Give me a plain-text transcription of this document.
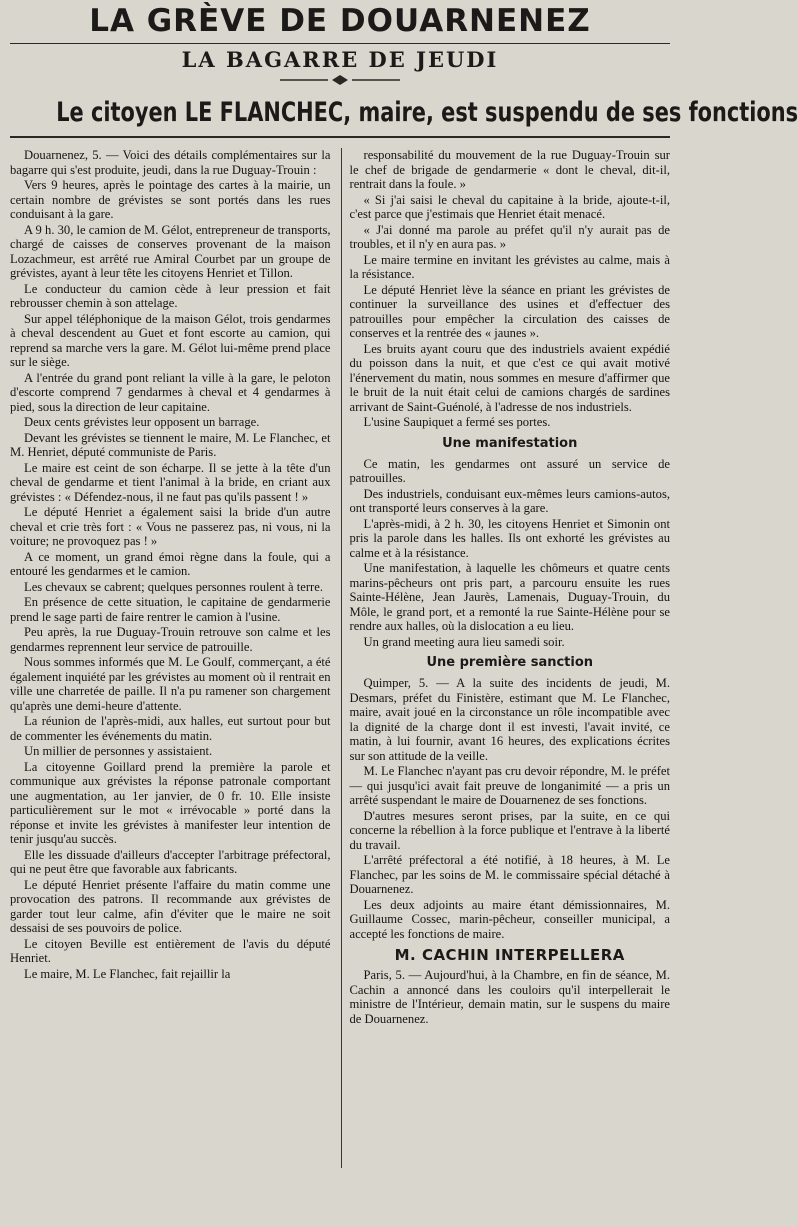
LA GRÈVE DE DOUARNENEZ
LA BAGARRE DE JEUDI
Le citoyen LE FLANCHEC, maire, est suspendu de ses fonctions

Douarnenez, 5. — Voici des détails complémentaires sur la bagarre qui s'est produite, jeudi, dans la rue Duguay-Trouin :

Vers 9 heures, après le pointage des cartes à la mairie, un certain nombre de grévistes se sont portés dans les rues conduisant à la gare.

A 9 h. 30, le camion de M. Gélot, entrepreneur de transports, chargé de caisses de conserves provenant de la maison Lozachmeur, est arrêté rue Amiral Courbet par un groupe de grévistes, ayant à leur tête les citoyens Henriet et Tillon.

Le conducteur du camion cède à leur pression et fait rebrousser chemin à son attelage.

Sur appel téléphonique de la maison Gélot, trois gendarmes à cheval descendent au Guet et font escorte au camion, qui reprend sa marche vers la gare. M. Gélot lui-même prend place sur le siège.

A l'entrée du grand pont reliant la ville à la gare, le peloton d'escorte comprend 7 gendarmes à cheval et 4 gendarmes à pied, sous la direction de leur capitaine.

Deux cents grévistes leur opposent un barrage.

Devant les grévistes se tiennent le maire, M. Le Flanchec, et M. Henriet, député communiste de Paris.

Le maire est ceint de son écharpe. Il se jette à la tête d'un cheval de gendarme et tient l'animal à la bride, en criant aux grévistes : « Défendez-nous, il ne faut pas qu'ils passent ! »

Le député Henriet a également saisi la bride d'un autre cheval et crie très fort : « Vous ne passerez pas, ni vous, ni la voiture; ne provoquez pas ! »

A ce moment, un grand émoi règne dans la foule, qui a entouré les gendarmes et le camion.

Les chevaux se cabrent; quelques personnes roulent à terre.

En présence de cette situation, le capitaine de gendarmerie prend le sage parti de faire rentrer le camion à l'usine.

Peu après, la rue Duguay-Trouin retrouve son calme et les gendarmes reprennent leur service de patrouille.

Nous sommes informés que M. Le Goulf, commerçant, a été également inquiété par les grévistes au moment où il rentrait en ville une charretée de paille. Il n'a pu ramener son chargement qu'après une demi-heure d'attente.

La réunion de l'après-midi, aux halles, eut surtout pour but de commenter les événements du matin.

Un millier de personnes y assistaient.

La citoyenne Goillard prend la première la parole et communique aux grévistes la réponse patronale comportant une augmentation, au 1er janvier, de 0 fr. 10. Elle insiste particulièrement sur le mot « irrévocable » porté dans la réponse et invite les grévistes à manifester leur intention de tenir jusqu'au succès.

Elle les dissuade d'ailleurs d'accepter l'arbitrage préfectoral, qui ne peut être que favorable aux fabricants.

Le député Henriet présente l'affaire du matin comme une provocation des patrons. Il recommande aux grévistes de garder tout leur calme, afin d'éviter que le maire ne soit dessaisi de ses pouvoirs de police.

Le citoyen Beville est entièrement de l'avis du député Henriet.

Le maire, M. Le Flanchec, fait rejaillir la

responsabilité du mouvement de la rue Duguay-Trouin sur le chef de brigade de gendarmerie « dont le cheval, dit-il, rentrait dans la foule. »

« Si j'ai saisi le cheval du capitaine à la bride, ajoute-t-il, c'est parce que j'estimais que Henriet était menacé.

« J'ai donné ma parole au préfet qu'il n'y aurait pas de troubles, et il n'y en aura pas. »

Le maire termine en invitant les grévistes au calme, mais à la résistance.

Le député Henriet lève la séance en priant les grévistes de continuer la surveillance des usines et d'effectuer des patrouilles pour empêcher la circulation des caisses de conserves et la rentrée des « jaunes ».

Les bruits ayant couru que des industriels avaient expédié du poisson dans la nuit, et que c'est ce qui avait motivé l'énervement du matin, nous sommes en mesure d'affirmer que le bruit de la nuit était celui de camions chargés de sardines arrivant de Saint-Guénolé, à l'adresse de nos industriels.

L'usine Saupiquet a fermé ses portes.

Une manifestation

Ce matin, les gendarmes ont assuré un service de patrouilles.

Des industriels, conduisant eux-mêmes leurs camions-autos, ont transporté leurs conserves à la gare.

L'après-midi, à 2 h. 30, les citoyens Henriet et Simonin ont pris la parole dans les halles. Ils ont exhorté les grévistes au calme et à la résistance.

Une manifestation, à laquelle les chômeurs et quatre cents marins-pêcheurs ont pris part, a parcouru ensuite les rues Sainte-Hélène, Jean Jaurès, Lamenais, Duguay-Trouin, du Môle, le grand port, et a remonté la rue Sainte-Hélène pour se rendre aux halles, où la dislocation a eu lieu.

Un grand meeting aura lieu samedi soir.

Une première sanction

Quimper, 5. — A la suite des incidents de jeudi, M. Desmars, préfet du Finistère, estimant que M. Le Flanchec, maire, avait joué en la circonstance un rôle incompatible avec la dignité de la charge dont il est investi, l'avait invité, ce matin, à lui fournir, avant 16 heures, des explications écrites sur son attitude de la veille.

M. Le Flanchec n'ayant pas cru devoir répondre, M. le préfet — qui jusqu'ici avait fait preuve de longanimité — a pris un arrêté suspendant le maire de Douarnenez de ses fonctions.

D'autres mesures seront prises, par la suite, en ce qui concerne la rébellion à la force publique et l'entrave à la liberté du travail.

L'arrêté préfectoral a été notifié, à 18 heures, à M. Le Flanchec, par les soins de M. le commissaire spécial détaché à Douarnenez.

Les deux adjoints au maire étant démissionnaires, M. Guillaume Cossec, marin-pêcheur, conseiller municipal, a accepté les fonctions de maire.

M. CACHIN INTERPELLERA

Paris, 5. — Aujourd'hui, à la Chambre, en fin de séance, M. Cachin a annoncé dans les couloirs qu'il interpellerait le ministre de l'Intérieur, demain matin, sur le suspens du maire de Douarnenez.
